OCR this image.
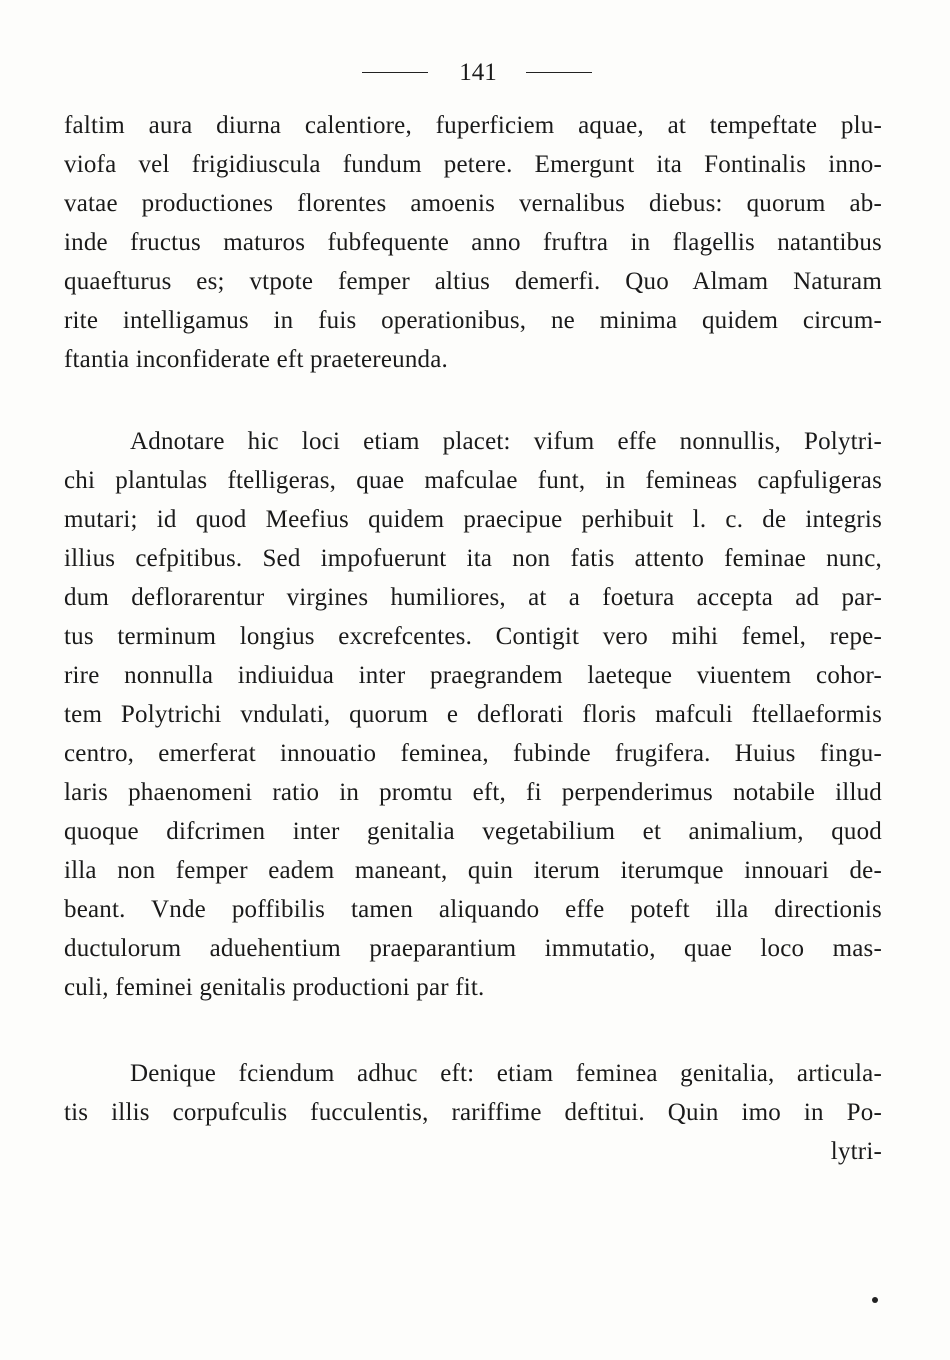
141
faltim aura diurna calentiore, fuperficiem aquae, at tempeftate plu-
viofa vel frigidiuscula fundum petere. Emergunt ita Fontinalis inno-
vatae productiones florentes amoenis vernalibus diebus: quorum ab-
inde fructus maturos fubfequente anno fruftra in flagellis natantibus
quaefturus es; vtpote femper altius demerfi. Quo Almam Naturam
rite intelligamus in fuis operationibus, ne minima quidem circum-
ftantia inconfiderate eft praetereunda.
Adnotare hic loci etiam placet: vifum effe nonnullis, Polytri-
chi plantulas ftelligeras, quae mafculae funt, in femineas capfuliger​as
mutari; id quod Meefius quidem praecipue perhibuit l. c. de integris
illius cefpitibus. Sed impofuerunt ita non fatis attento feminae nunc,
dum deflorarentur virgines humiliores, at a foetura accepta ad par-
tus terminum longius excrefcentes. Contigit vero mihi femel, repe-
rire nonnulla indiuidua inter praegrandem laeteque viuentem cohor-
tem Polytrichi vndulati, quorum e deflorati floris mafculi ftellaeformis
centro, emerferat innouatio feminea, fubinde frugifera. Huius fingu-
laris phaenomeni ratio in promtu eft, fi perpenderimus notabile illud
quoque difcrimen inter genitalia vegetabilium et animalium, quod
illa non femper eadem maneant, quin iterum iterumque innouari de-
beant. Vnde poffibilis tamen aliquando effe poteft illa directionis
ductulorum aduehentium praeparantium immutatio, quae loco mas-
culi, feminei genitalis productioni par fit.
Denique fciendum adhuc eft: etiam feminea genitalia, articula-
tis illis corpufculis fucculentis, rariffime deftitui. Quin imo in Po-
lytri-
